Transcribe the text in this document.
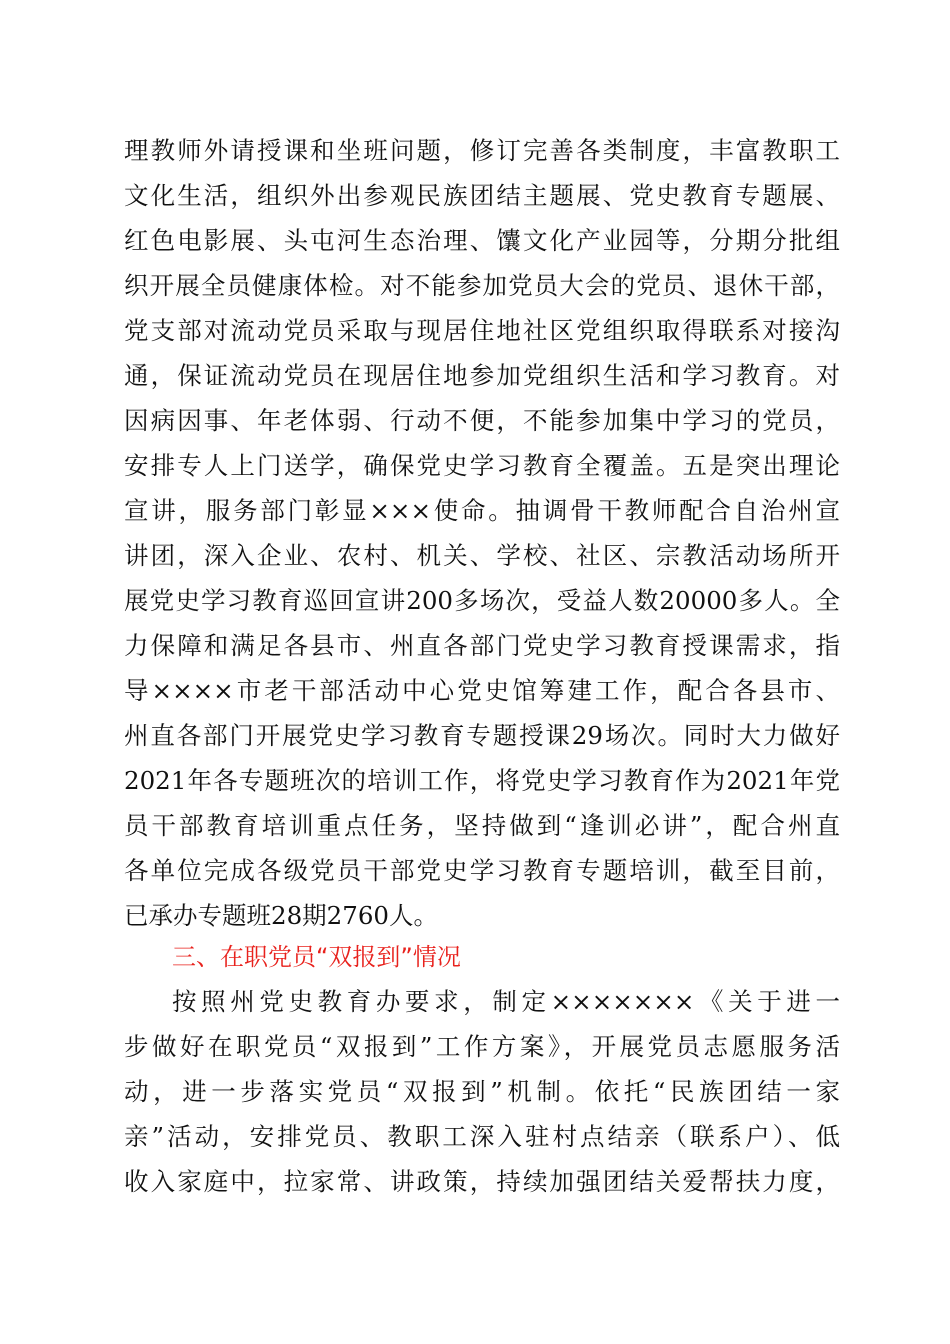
理教师外请授课和坐班问题，修订完善各类制度，丰富教职工
文化生活，组织外出参观民族团结主题展、党史教育专题展、
红色电影展、头屯河生态治理、馕文化产业园等，分期分批组
织开展全员健康体检。对不能参加党员大会的党员、退休干部，
党支部对流动党员采取与现居住地社区党组织取得联系对接沟
通，保证流动党员在现居住地参加党组织生活和学习教育。对
因病因事、年老体弱、行动不便，不能参加集中学习的党员，
安排专人上门送学，确保党史学习教育全覆盖。五是突出理论
宣讲，服务部门彰显×××使命。抽调骨干教师配合自治州宣
讲团，深入企业、农村、机关、学校、社区、宗教活动场所开
展党史学习教育巡回宣讲200多场次，受益人数20000多人。全
力保障和满足各县市、州直各部门党史学习教育授课需求，指
导××××市老干部活动中心党史馆筹建工作，配合各县市、
州直各部门开展党史学习教育专题授课29场次。同时大力做好
2021年各专题班次的培训工作，将党史学习教育作为2021年党
员干部教育培训重点任务，坚持做到“逢训必讲”，配合州直
各单位完成各级党员干部党史学习教育专题培训，截至目前，
已承办专题班28期2760人。
三、在职党员“双报到”情况
按照州党史教育办要求，制定×××××××《关于进一
步做好在职党员“双报到”工作方案》，开展党员志愿服务活
动，进一步落实党员“双报到”机制。依托“民族团结一家
亲”活动，安排党员、教职工深入驻村点结亲（联系户）、低
收入家庭中，拉家常、讲政策，持续加强团结关爱帮扶力度，
